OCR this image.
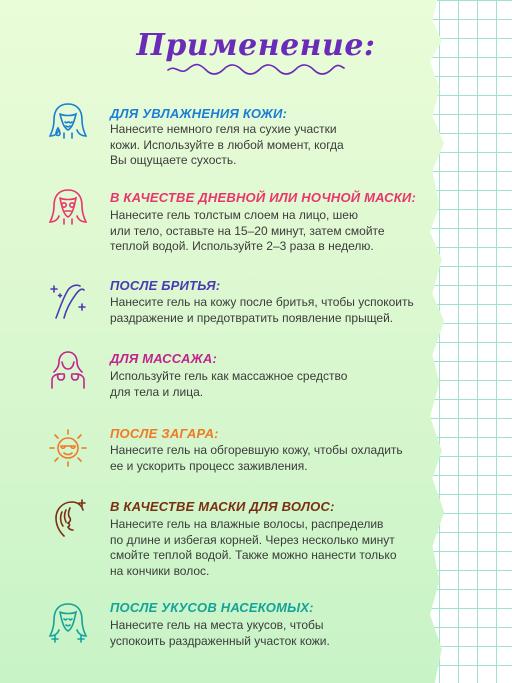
Применение:
ДЛЯ УВЛАЖНЕНИЯ КОЖИ:
Нанесите немного геля на сухие участки
кожи. Используйте в любой момент, когда
Вы ощущаете сухость.
В КАЧЕСТВЕ ДНЕВНОЙ ИЛИ НОЧНОЙ МАСКИ:
Нанесите гель толстым слоем на лицо, шею
или тело, оставьте на 15–20 минут, затем смойте
теплой водой. Используйте 2–3 раза в неделю.
ПОСЛЕ БРИТЬЯ:
Нанесите гель на кожу после бритья, чтобы успокоить
раздражение и предотвратить появление прыщей.
ДЛЯ МАССАЖА:
Используйте гель как массажное средство
для тела и лица.
ПОСЛЕ ЗАГАРА:
Нанесите гель на обгоревшую кожу, чтобы охладить
ее и ускорить процесс заживления.
В КАЧЕСТВЕ МАСКИ ДЛЯ ВОЛОС:
Нанесите гель на влажные волосы, распределив
по длине и избегая корней. Через несколько минут
смойте теплой водой. Также можно нанести только
на кончики волос.
ПОСЛЕ УКУСОВ НАСЕКОМЫХ:
Нанесите гель на места укусов, чтобы
успокоить раздраженный участок кожи.
